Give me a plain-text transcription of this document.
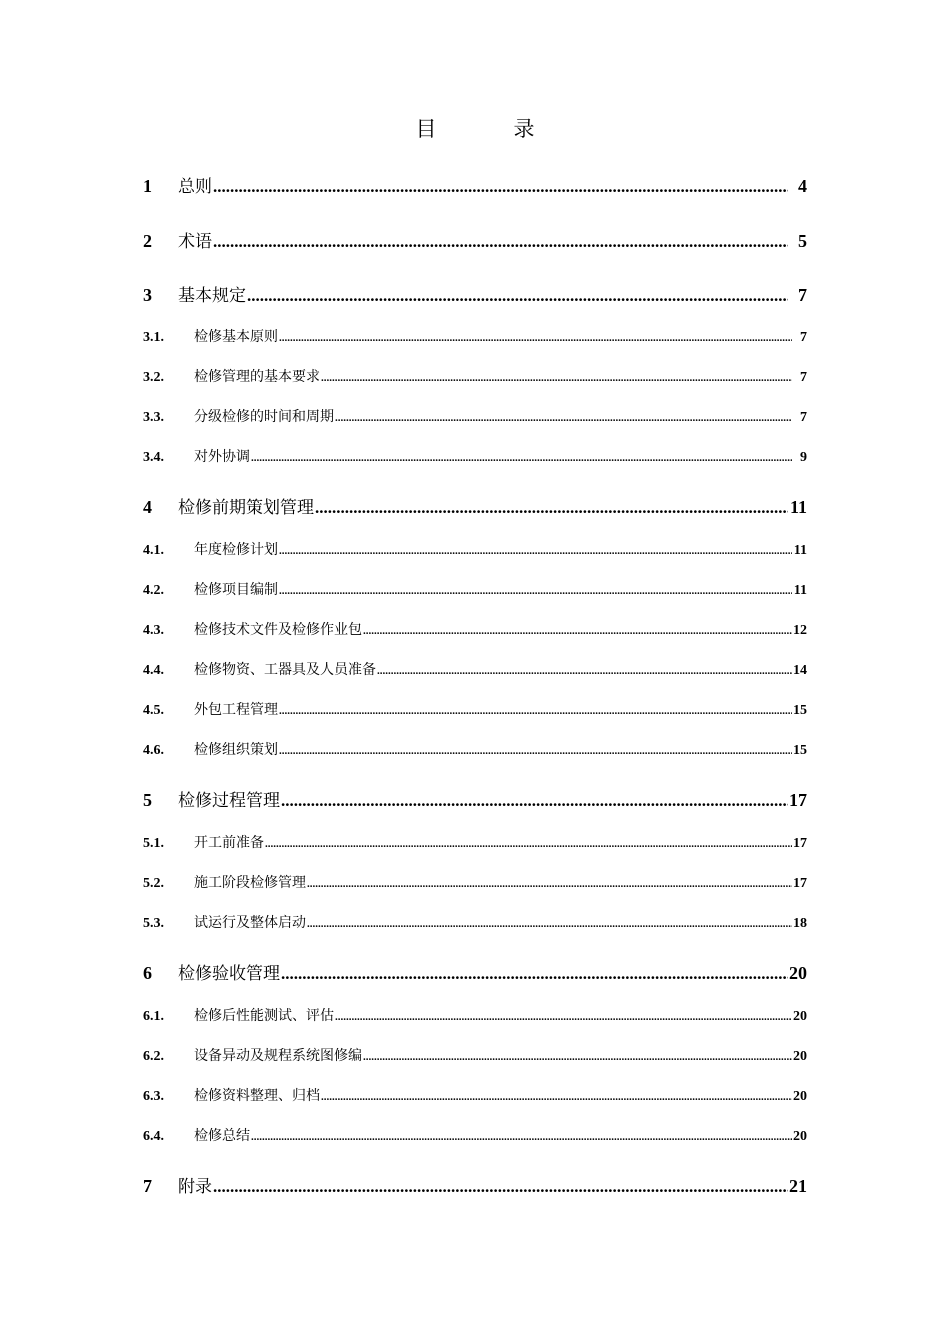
目　录
1	总则 .....	4
2	术语 .....	5
3	基本规定 .....	7
3.1.	检修基本原则 .....	7
3.2.	检修管理的基本要求 .....	7
3.3.	分级检修的时间和周期 .....	7
3.4.	对外协调 .....	9
4	检修前期策划管理 .....	11
4.1.	年度检修计划 .....	11
4.2.	检修项目编制 .....	11
4.3.	检修技术文件及检修作业包 .....	12
4.4.	检修物资、工器具及人员准备 .....	14
4.5.	外包工程管理 .....	15
4.6.	检修组织策划 .....	15
5	检修过程管理 .....	17
5.1.	开工前准备 .....	17
5.2.	施工阶段检修管理 .....	17
5.3.	试运行及整体启动 .....	18
6	检修验收管理 .....	20
6.1.	检修后性能测试、评估 .....	20
6.2.	设备异动及规程系统图修编 .....	20
6.3.	检修资料整理、归档 .....	20
6.4.	检修总结 .....	20
7	附录 .....	21
